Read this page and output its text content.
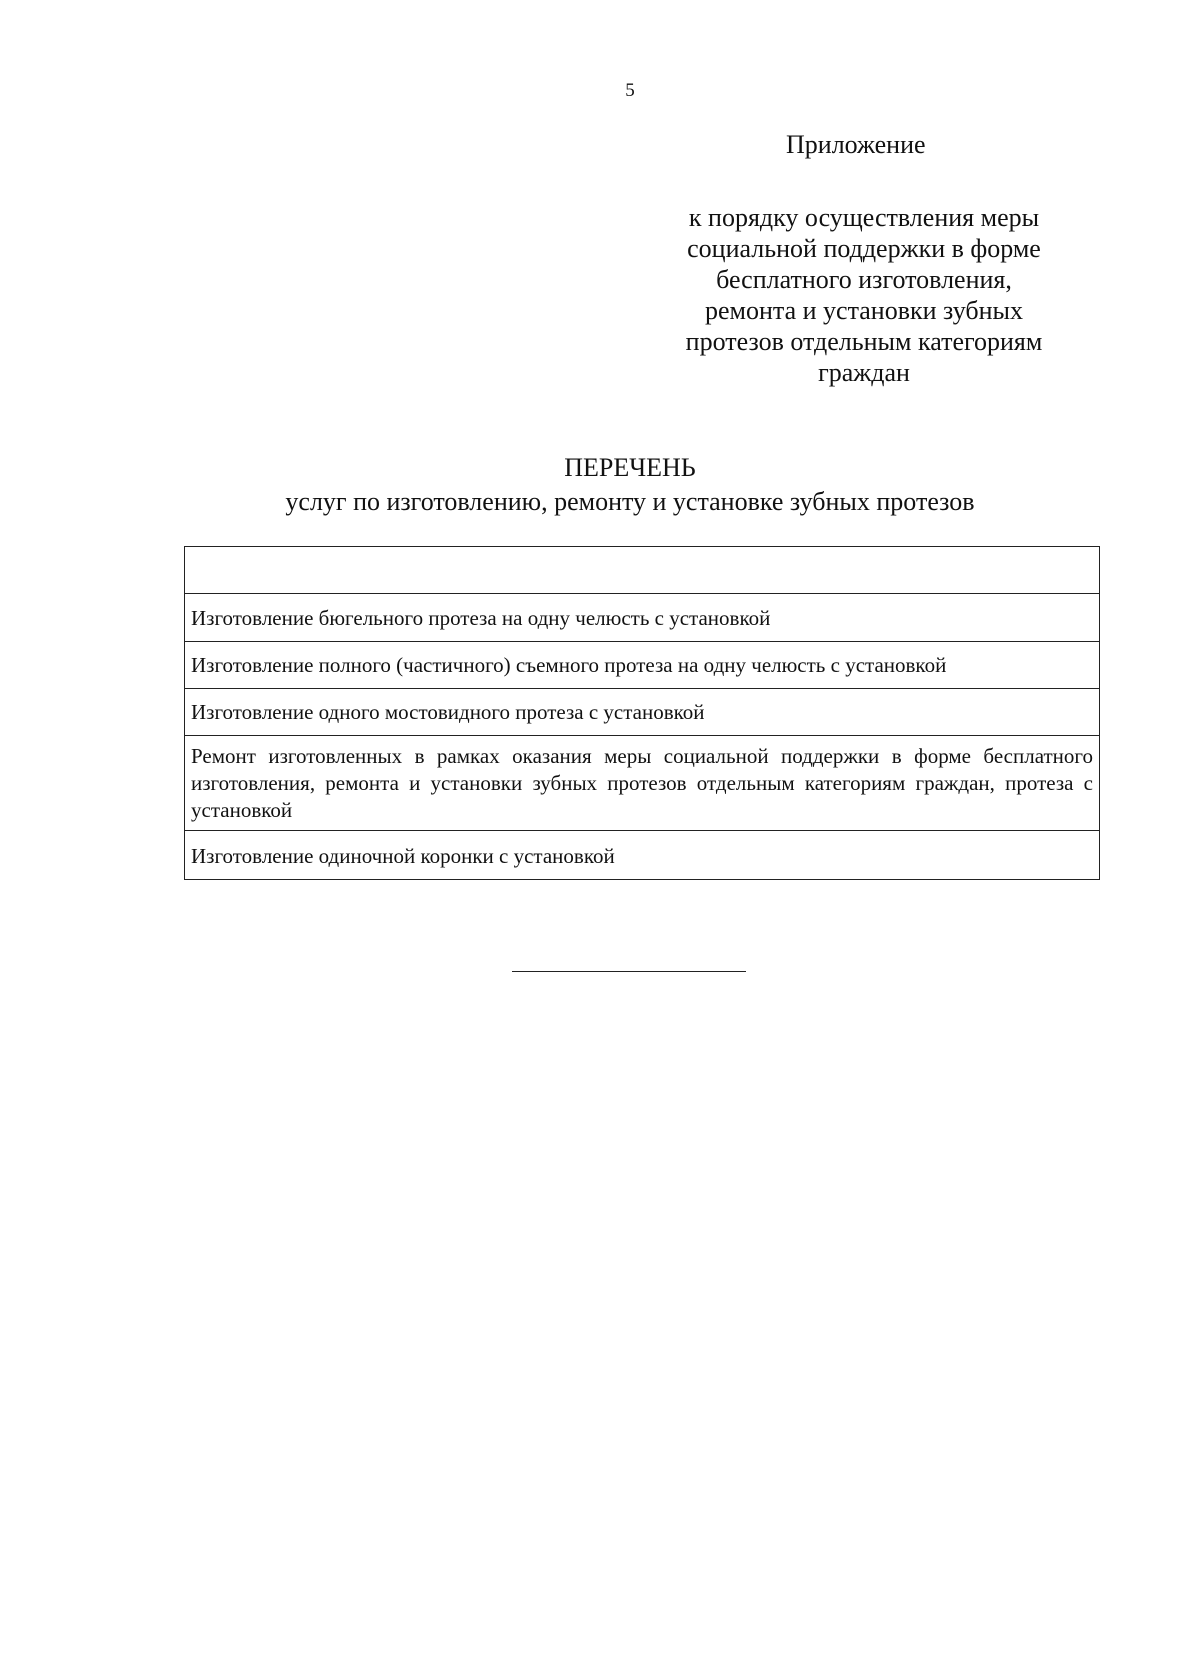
5
Приложение
к порядку осуществления меры
социальной поддержки в форме
бесплатного изготовления,
ремонта и установки зубных
протезов отдельным категориям
граждан
ПЕРЕЧЕНЬ
услуг по изготовлению, ремонту и установке зубных протезов
Изготовление бюгельного протеза на одну челюсть с установкой
Изготовление полного (частичного) съемного протеза на одну челюсть с установкой
Изготовление одного мостовидного протеза с установкой
Ремонт изготовленных в рамках оказания меры социальной поддержки в форме бесплатного изготовления, ремонта и установки зубных протезов отдельным категориям граждан, протеза с установкой
Изготовление одиночной коронки с установкой
